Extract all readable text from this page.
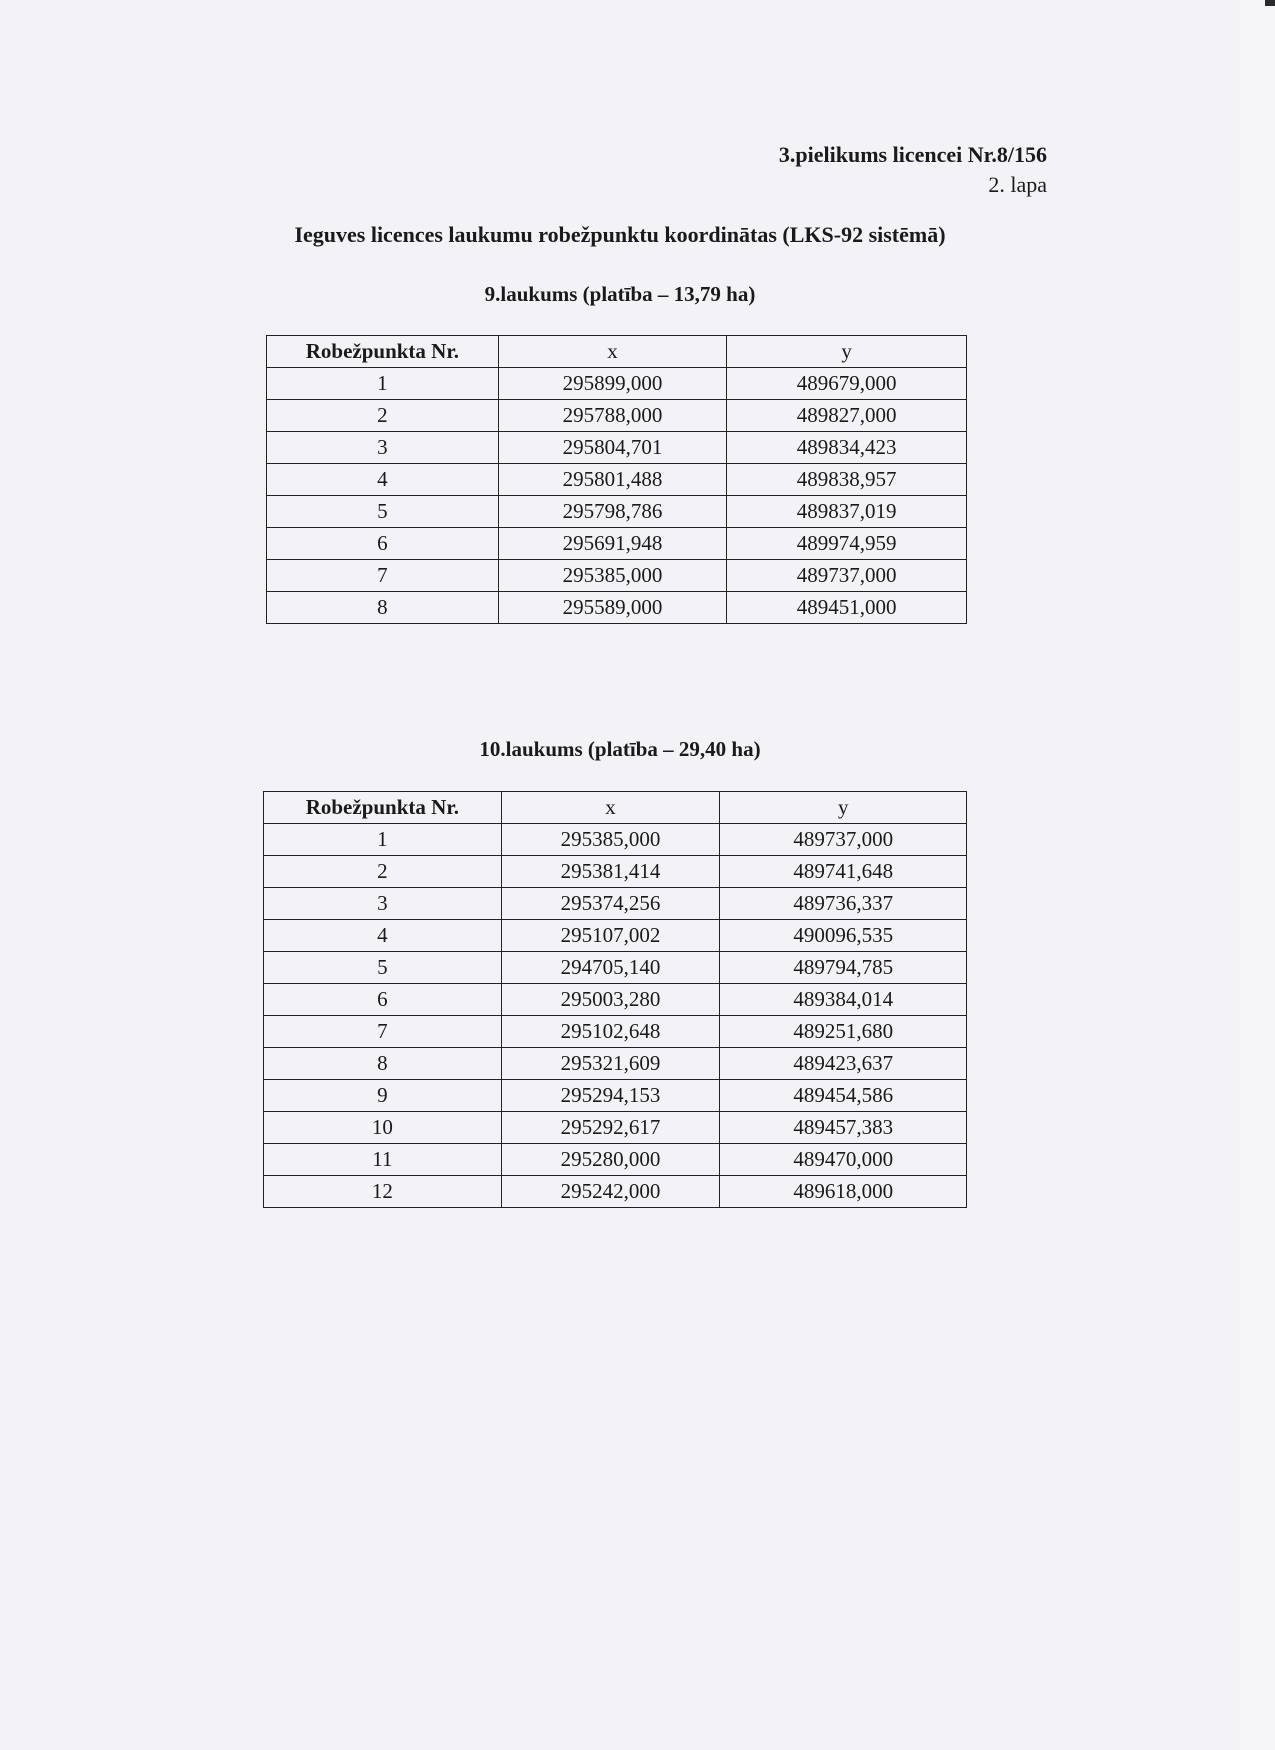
3.pielikums licencei Nr.8/156
2. lapa
Ieguves licences laukumu robežpunktu koordinātas (LKS-92 sistēmā)
9.laukums (platība – 13,79 ha)
Robežpunkta Nr.	x	y
1	295899,000	489679,000
2	295788,000	489827,000
3	295804,701	489834,423
4	295801,488	489838,957
5	295798,786	489837,019
6	295691,948	489974,959
7	295385,000	489737,000
8	295589,000	489451,000
10.laukums (platība – 29,40 ha)
Robežpunkta Nr.	x	y
1	295385,000	489737,000
2	295381,414	489741,648
3	295374,256	489736,337
4	295107,002	490096,535
5	294705,140	489794,785
6	295003,280	489384,014
7	295102,648	489251,680
8	295321,609	489423,637
9	295294,153	489454,586
10	295292,617	489457,383
11	295280,000	489470,000
12	295242,000	489618,000
